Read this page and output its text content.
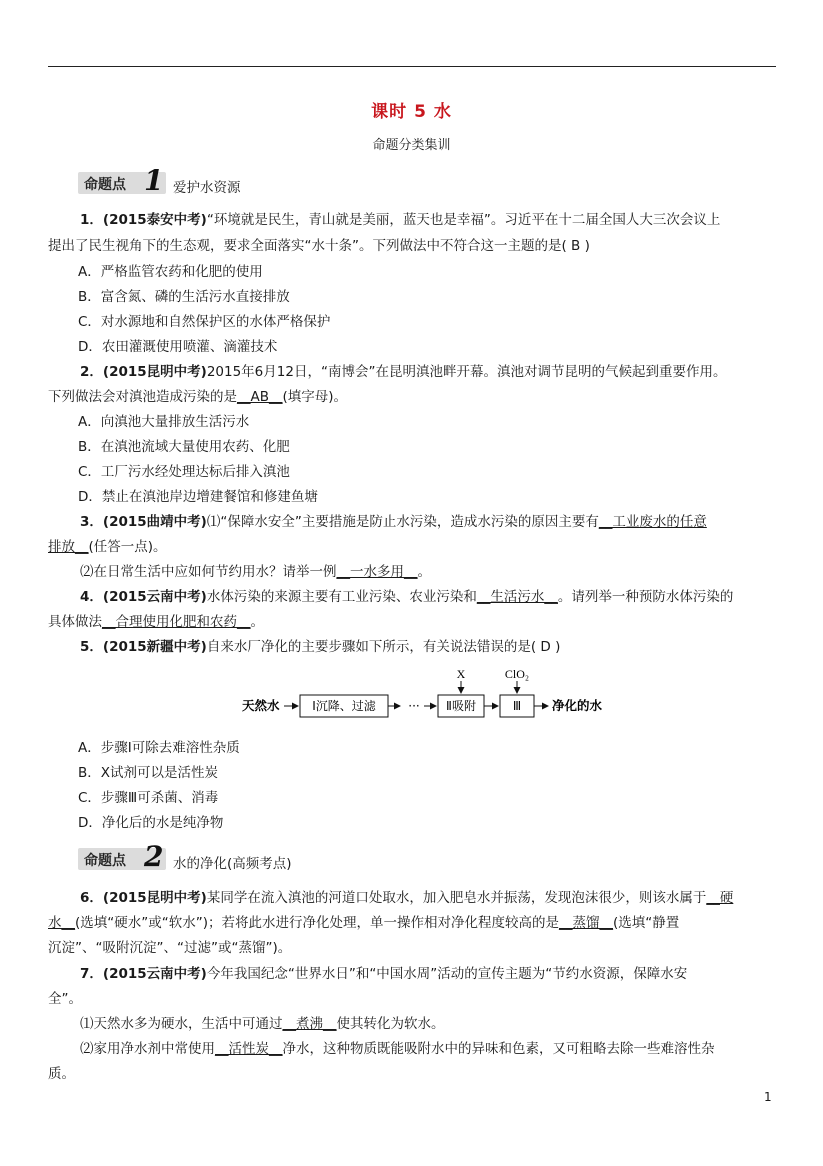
课时 5 水
命题分类集训
命题点 1 爱护水资源
1．(2015泰安中考)“环境就是民生，青山就是美丽，蓝天也是幸福”。习近平在十二届全国人大三次会议上
提出了民生视角下的生态观，要求全面落实“水十条”。下列做法中不符合这一主题的是( B )
A．严格监管农药和化肥的使用
B．富含氮、磷的生活污水直接排放
C．对水源地和自然保护区的水体严格保护
D．农田灌溉使用喷灌、滴灌技术
2．(2015昆明中考)2015年6月12日，“南博会”在昆明滇池畔开幕。滇池对调节昆明的气候起到重要作用。
下列做法会对滇池造成污染的是__AB__(填字母)。
A．向滇池大量排放生活污水
B．在滇池流域大量使用农药、化肥
C．工厂污水经处理达标后排入滇池
D．禁止在滇池岸边增建餐馆和修建鱼塘
3．(2015曲靖中考)⑴“保障水安全”主要措施是防止水污染，造成水污染的原因主要有__工业废水的任意
排放__(任答一点)。
⑵在日常生活中应如何节约用水？请举一例__一水多用__。
4．(2015云南中考)水体污染的来源主要有工业污染、农业污染和__生活污水__。请列举一种预防水体污染的
具体做法__合理使用化肥和农药__。
5．(2015新疆中考)自来水厂净化的主要步骤如下所示，有关说法错误的是( D )
天然水	Ⅰ沉降、过滤	··· Ⅱ吸附
X
Ⅲ
ClO₂
净化的水
A．步骤Ⅰ可除去难溶性杂质
B．X试剂可以是活性炭
C．步骤Ⅲ可杀菌、消毒
D．净化后的水是纯净物
命题点 2 水的净化(高频考点)
6．(2015昆明中考)某同学在流入滇池的河道口处取水，加入肥皂水并振荡，发现泡沫很少，则该水属于__硬
水__(选填“硬水”或“软水”)；若将此水进行净化处理，单一操作相对净化程度较高的是__蒸馏__(选填“静置
沉淀”、“吸附沉淀”、“过滤”或“蒸馏”)。
7．(2015云南中考)今年我国纪念“世界水日”和“中国水周”活动的宣传主题为“节约水资源，保障水安
全”。
⑴天然水多为硬水，生活中可通过__煮沸__使其转化为软水。
⑵家用净水剂中常使用__活性炭__净水，这种物质既能吸附水中的异味和色素，又可粗略去除一些难溶性杂
质。
1
